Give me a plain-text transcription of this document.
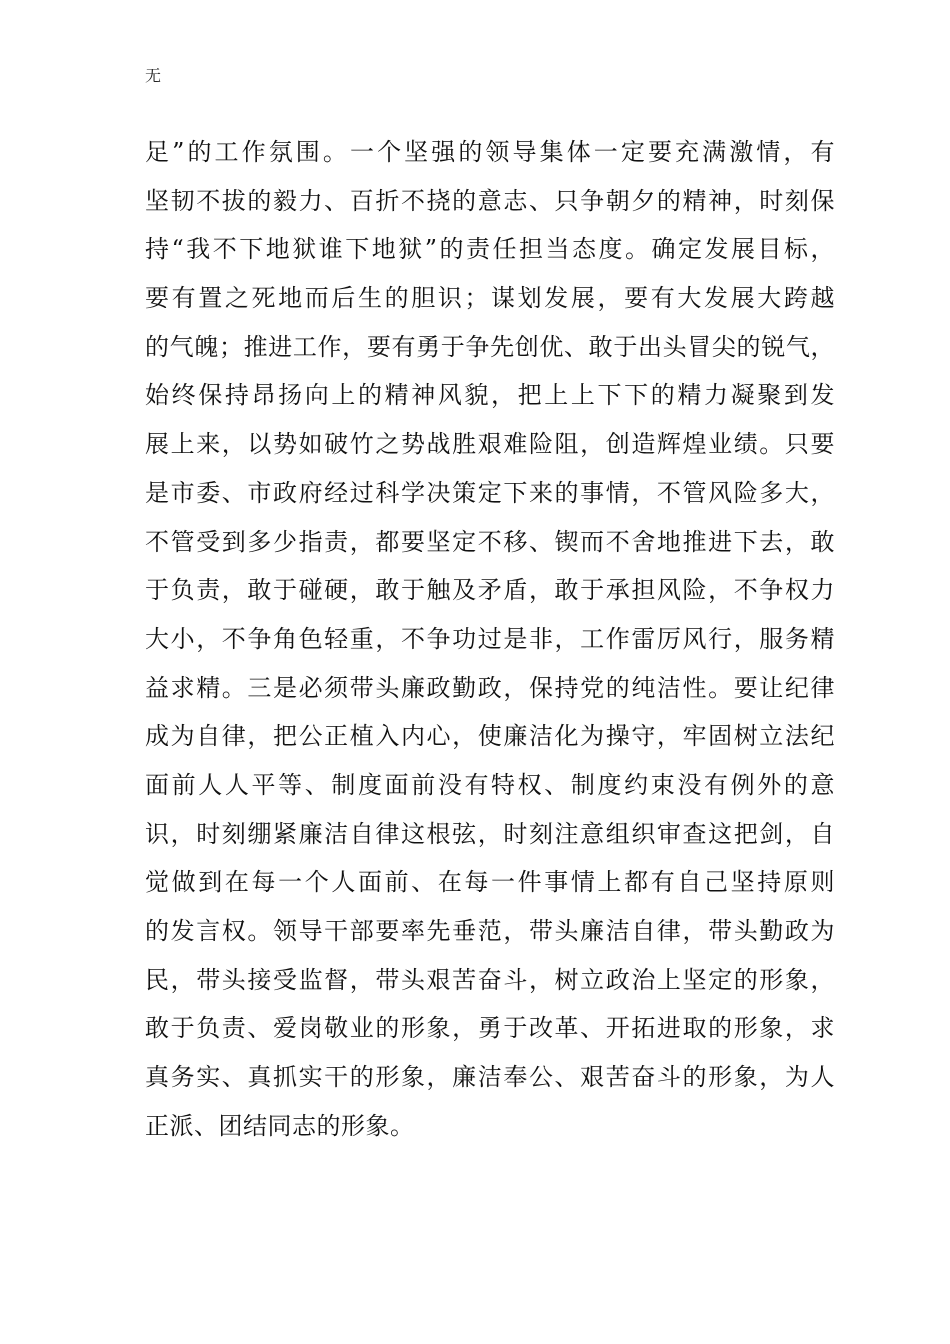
无
足”的工作氛围。一个坚强的领导集体一定要充满激情，有
坚韧不拔的毅力、百折不挠的意志、只争朝夕的精神，时刻保
持“我不下地狱谁下地狱”的责任担当态度。确定发展目标，
要有置之死地而后生的胆识；谋划发展，要有大发展大跨越
的气魄；推进工作，要有勇于争先创优、敢于出头冒尖的锐气，
始终保持昂扬向上的精神风貌，把上上下下的精力凝聚到发
展上来，以势如破竹之势战胜艰难险阻，创造辉煌业绩。只要
是市委、市政府经过科学决策定下来的事情，不管风险多大，
不管受到多少指责，都要坚定不移、锲而不舍地推进下去，敢
于负责，敢于碰硬，敢于触及矛盾，敢于承担风险，不争权力
大小，不争角色轻重，不争功过是非，工作雷厉风行，服务精
益求精。三是必须带头廉政勤政，保持党的纯洁性。要让纪律
成为自律，把公正植入内心，使廉洁化为操守，牢固树立法纪
面前人人平等、制度面前没有特权、制度约束没有例外的意
识，时刻绷紧廉洁自律这根弦，时刻注意组织审查这把剑，自
觉做到在每一个人面前、在每一件事情上都有自己坚持原则
的发言权。领导干部要率先垂范，带头廉洁自律，带头勤政为
民，带头接受监督，带头艰苦奋斗，树立政治上坚定的形象，
敢于负责、爱岗敬业的形象，勇于改革、开拓进取的形象，求
真务实、真抓实干的形象，廉洁奉公、艰苦奋斗的形象，为人
正派、团结同志的形象。
